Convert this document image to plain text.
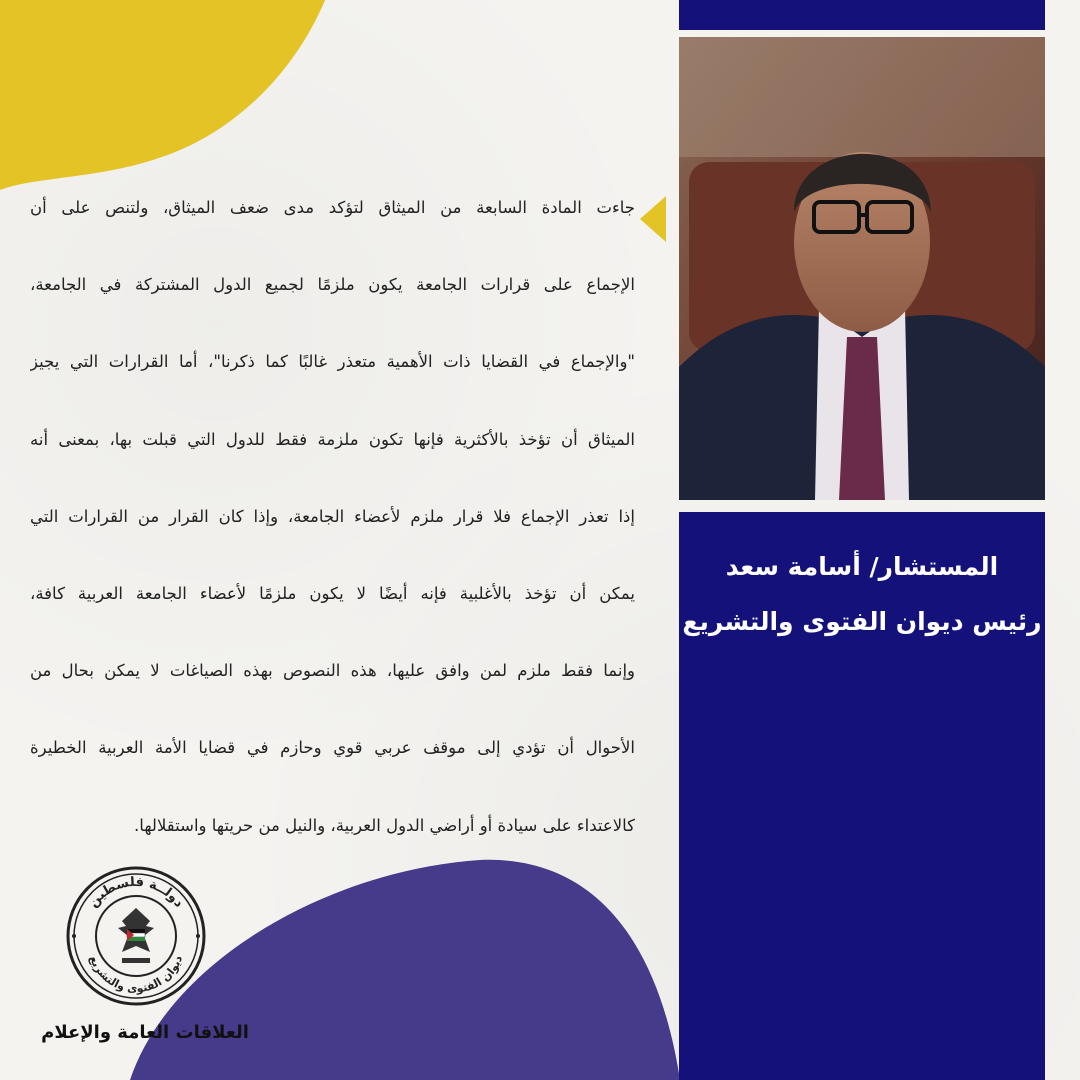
المستشار/ أسامة سعد
رئيس ديوان الفتوى والتشريع
جاءت المادة السابعة من الميثاق لتؤكد مدى ضعف الميثاق، ولتنص على أن
الإجماع على قرارات الجامعة يكون ملزمًا لجميع الدول المشتركة في الجامعة،
"والإجماع في القضايا ذات الأهمية متعذر غالبًا كما ذكرنا"، أما القرارات التي يجيز
الميثاق أن تؤخذ بالأكثرية فإنها تكون ملزمة فقط للدول التي قبلت بها، بمعنى أنه
إذا تعذر الإجماع فلا قرار ملزم لأعضاء الجامعة، وإذا كان القرار من القرارات التي
يمكن أن تؤخذ بالأغلبية فإنه أيضًا لا يكون ملزمًا لأعضاء الجامعة العربية كافة،
وإنما فقط ملزم لمن وافق عليها، هذه النصوص بهذه الصياغات لا يمكن بحال من
الأحوال أن تؤدي إلى موقف عربي قوي وحازم في قضايا الأمة العربية الخطيرة
كالاعتداء على سيادة أو أراضي الدول العربية، والنيل من حريتها واستقلالها.
دولــة فلسطين
ديوان الفتوى والتشريع
العلاقات العامة والإعلام
